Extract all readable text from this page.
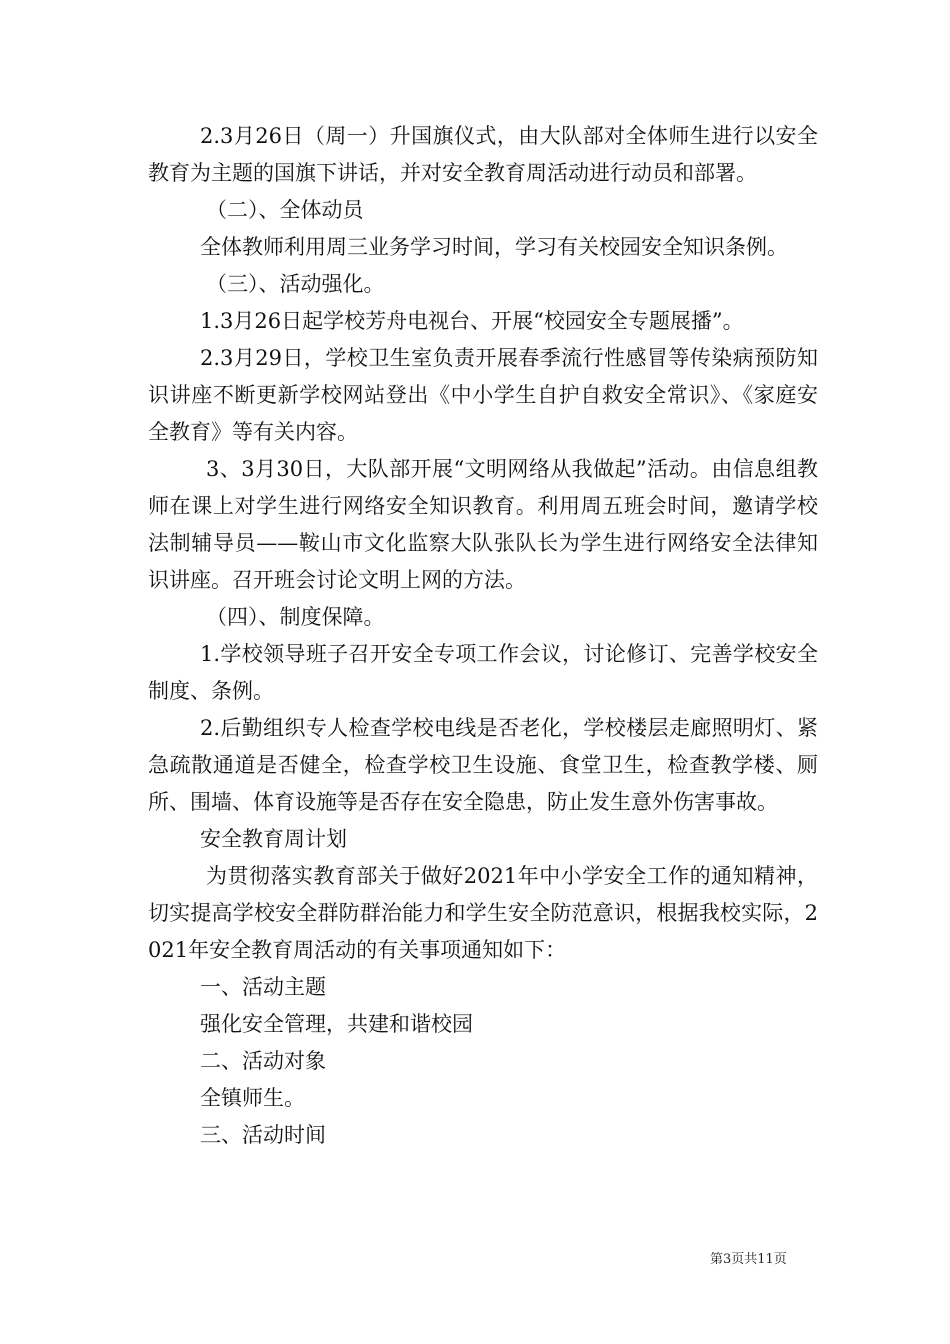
2.3月26日（周一）升国旗仪式，由大队部对全体师生进行以安全教育为主题的国旗下讲话，并对安全教育周活动进行动员和部署。

（二）、全体动员

全体教师利用周三业务学习时间，学习有关校园安全知识条例。

（三）、活动强化。

1.3月26日起学校芳舟电视台、开展“校园安全专题展播”。

2.3月29日，学校卫生室负责开展春季流行性感冒等传染病预防知识讲座不断更新学校网站登出《中小学生自护自救安全常识》、《家庭安全教育》等有关内容。

3、3月30日，大队部开展“文明网络从我做起”活动。由信息组教师在课上对学生进行网络安全知识教育。利用周五班会时间，邀请学校法制辅导员——鞍山市文化监察大队张队长为学生进行网络安全法律知识讲座。召开班会讨论文明上网的方法。

（四）、制度保障。

1.学校领导班子召开安全专项工作会议，讨论修订、完善学校安全制度、条例。

2.后勤组织专人检查学校电线是否老化，学校楼层走廊照明灯、紧急疏散通道是否健全，检查学校卫生设施、食堂卫生，检查教学楼、厕所、围墙、体育设施等是否存在安全隐患，防止发生意外伤害事故。

安全教育周计划

为贯彻落实教育部关于做好2021年中小学安全工作的通知精神，切实提高学校安全群防群治能力和学生安全防范意识，根据我校实际，2021年安全教育周活动的有关事项通知如下：

一、活动主题

强化安全管理，共建和谐校园

二、活动对象

全镇师生。

三、活动时间

第3页共11页
